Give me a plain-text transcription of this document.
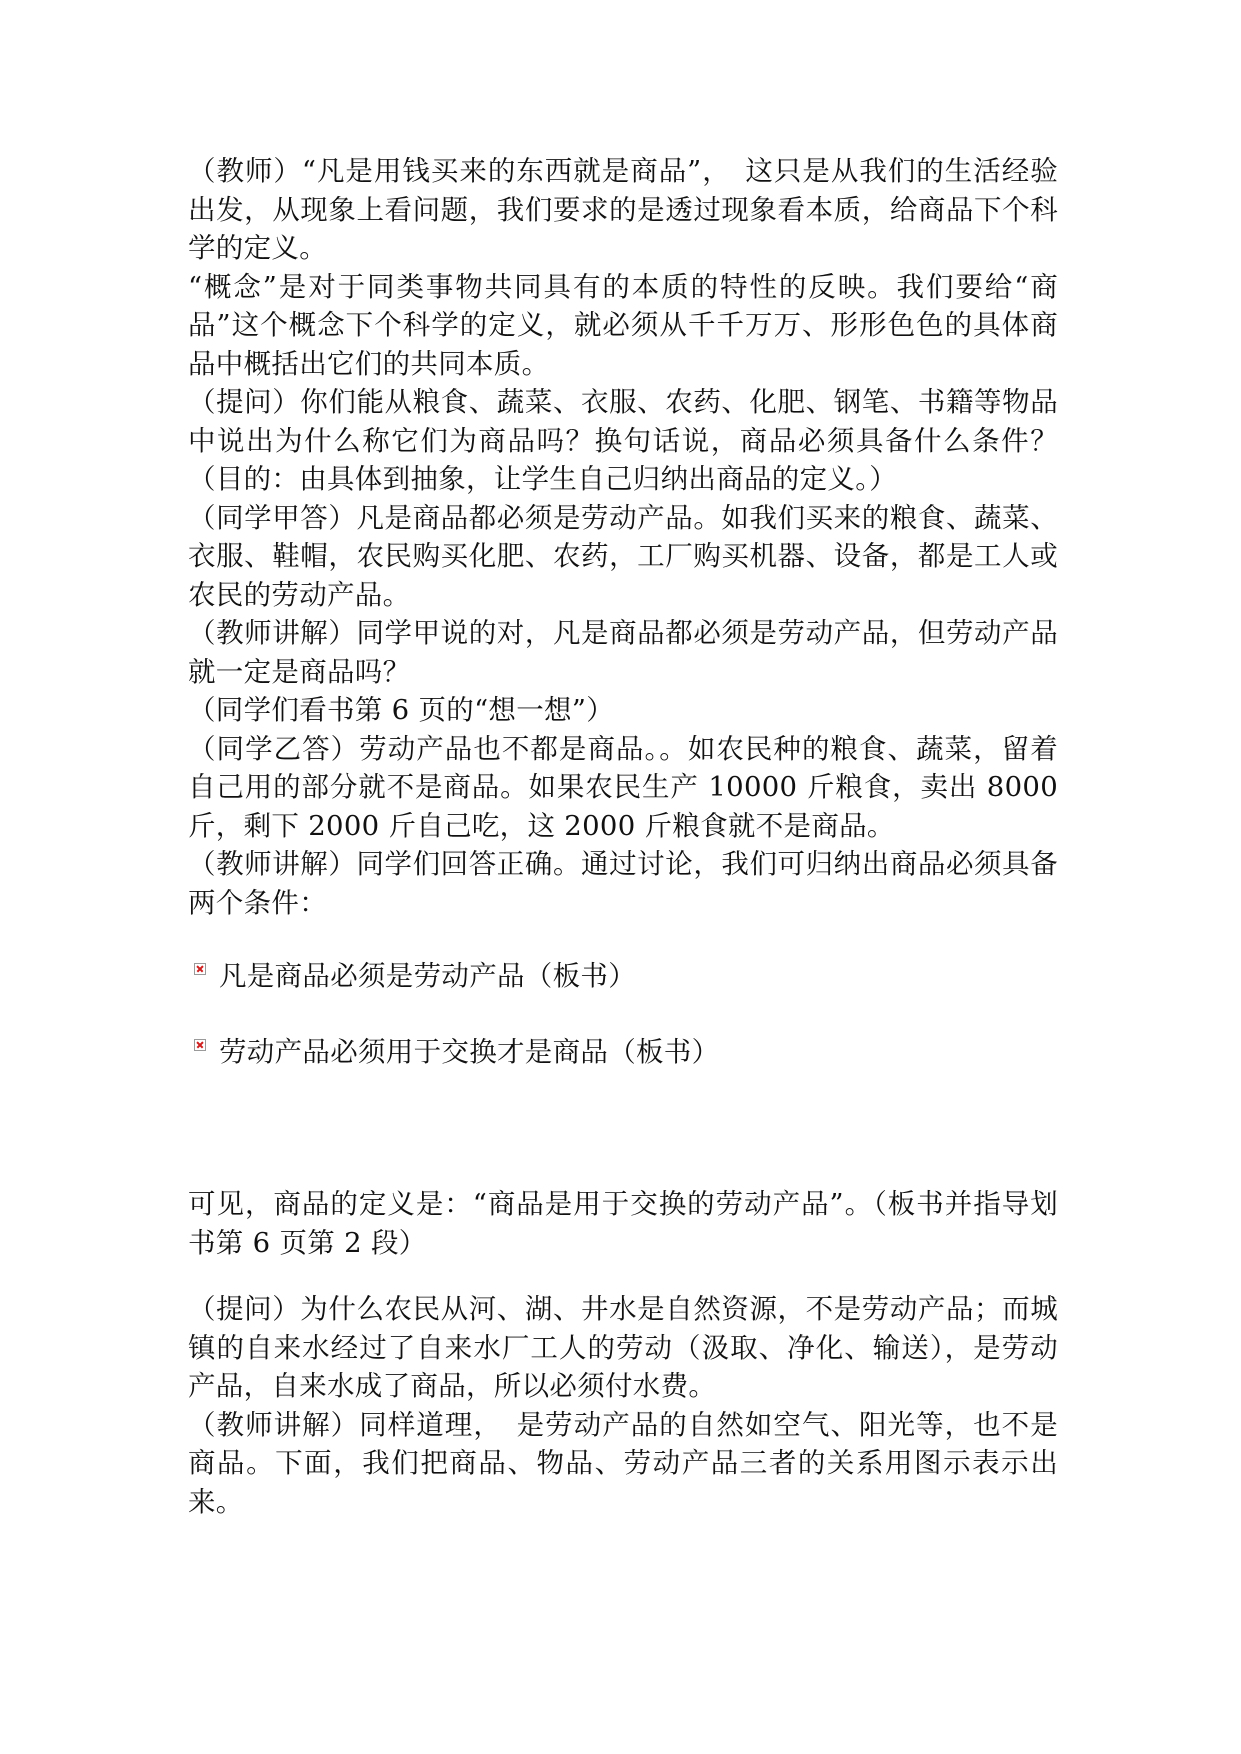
（教师）“凡是用钱买来的东西就是商品”，　这只是从我们的生活经验出发，从现象上看问题，我们要求的是透过现象看本质，给商品下个科学的定义。

“概念”是对于同类事物共同具有的本质的特性的反映。我们要给“商品”这个概念下个科学的定义，就必须从千千万万、形形色色的具体商品中概括出它们的共同本质。

（提问）你们能从粮食、蔬菜、衣服、农药、化肥、钢笔、书籍等物品中说出为什么称它们为商品吗？换句话说，商品必须具备什么条件？（目的：由具体到抽象，让学生自己归纳出商品的定义。）

（同学甲答）凡是商品都必须是劳动产品。如我们买来的粮食、蔬菜、衣服、鞋帽，农民购买化肥、农药，工厂购买机器、设备，都是工人或农民的劳动产品。

（教师讲解）同学甲说的对，凡是商品都必须是劳动产品，但劳动产品就一定是商品吗？

（同学们看书第 6 页的“想一想”）

（同学乙答）劳动产品也不都是商品。。如农民种的粮食、蔬菜，留着自己用的部分就不是商品。如果农民生产 10000 斤粮食，卖出 8000 斤，剩下 2000 斤自己吃，这 2000 斤粮食就不是商品。

（教师讲解）同学们回答正确。通过讨论，我们可归纳出商品必须具备两个条件：

凡是商品必须是劳动产品（板书）
劳动产品必须用于交换才是商品（板书）

可见，商品的定义是：“商品是用于交换的劳动产品”。（板书并指导划书第 6 页第 2 段）

（提问）为什么农民从河、湖、井水是自然资源，不是劳动产品；而城镇的自来水经过了自来水厂工人的劳动（汲取、净化、输送），是劳动产品，自来水成了商品，所以必须付水费。

（教师讲解）同样道理，　是劳动产品的自然如空气、阳光等，也不是商品。下面，我们把商品、物品、劳动产品三者的关系用图示表示出来。
